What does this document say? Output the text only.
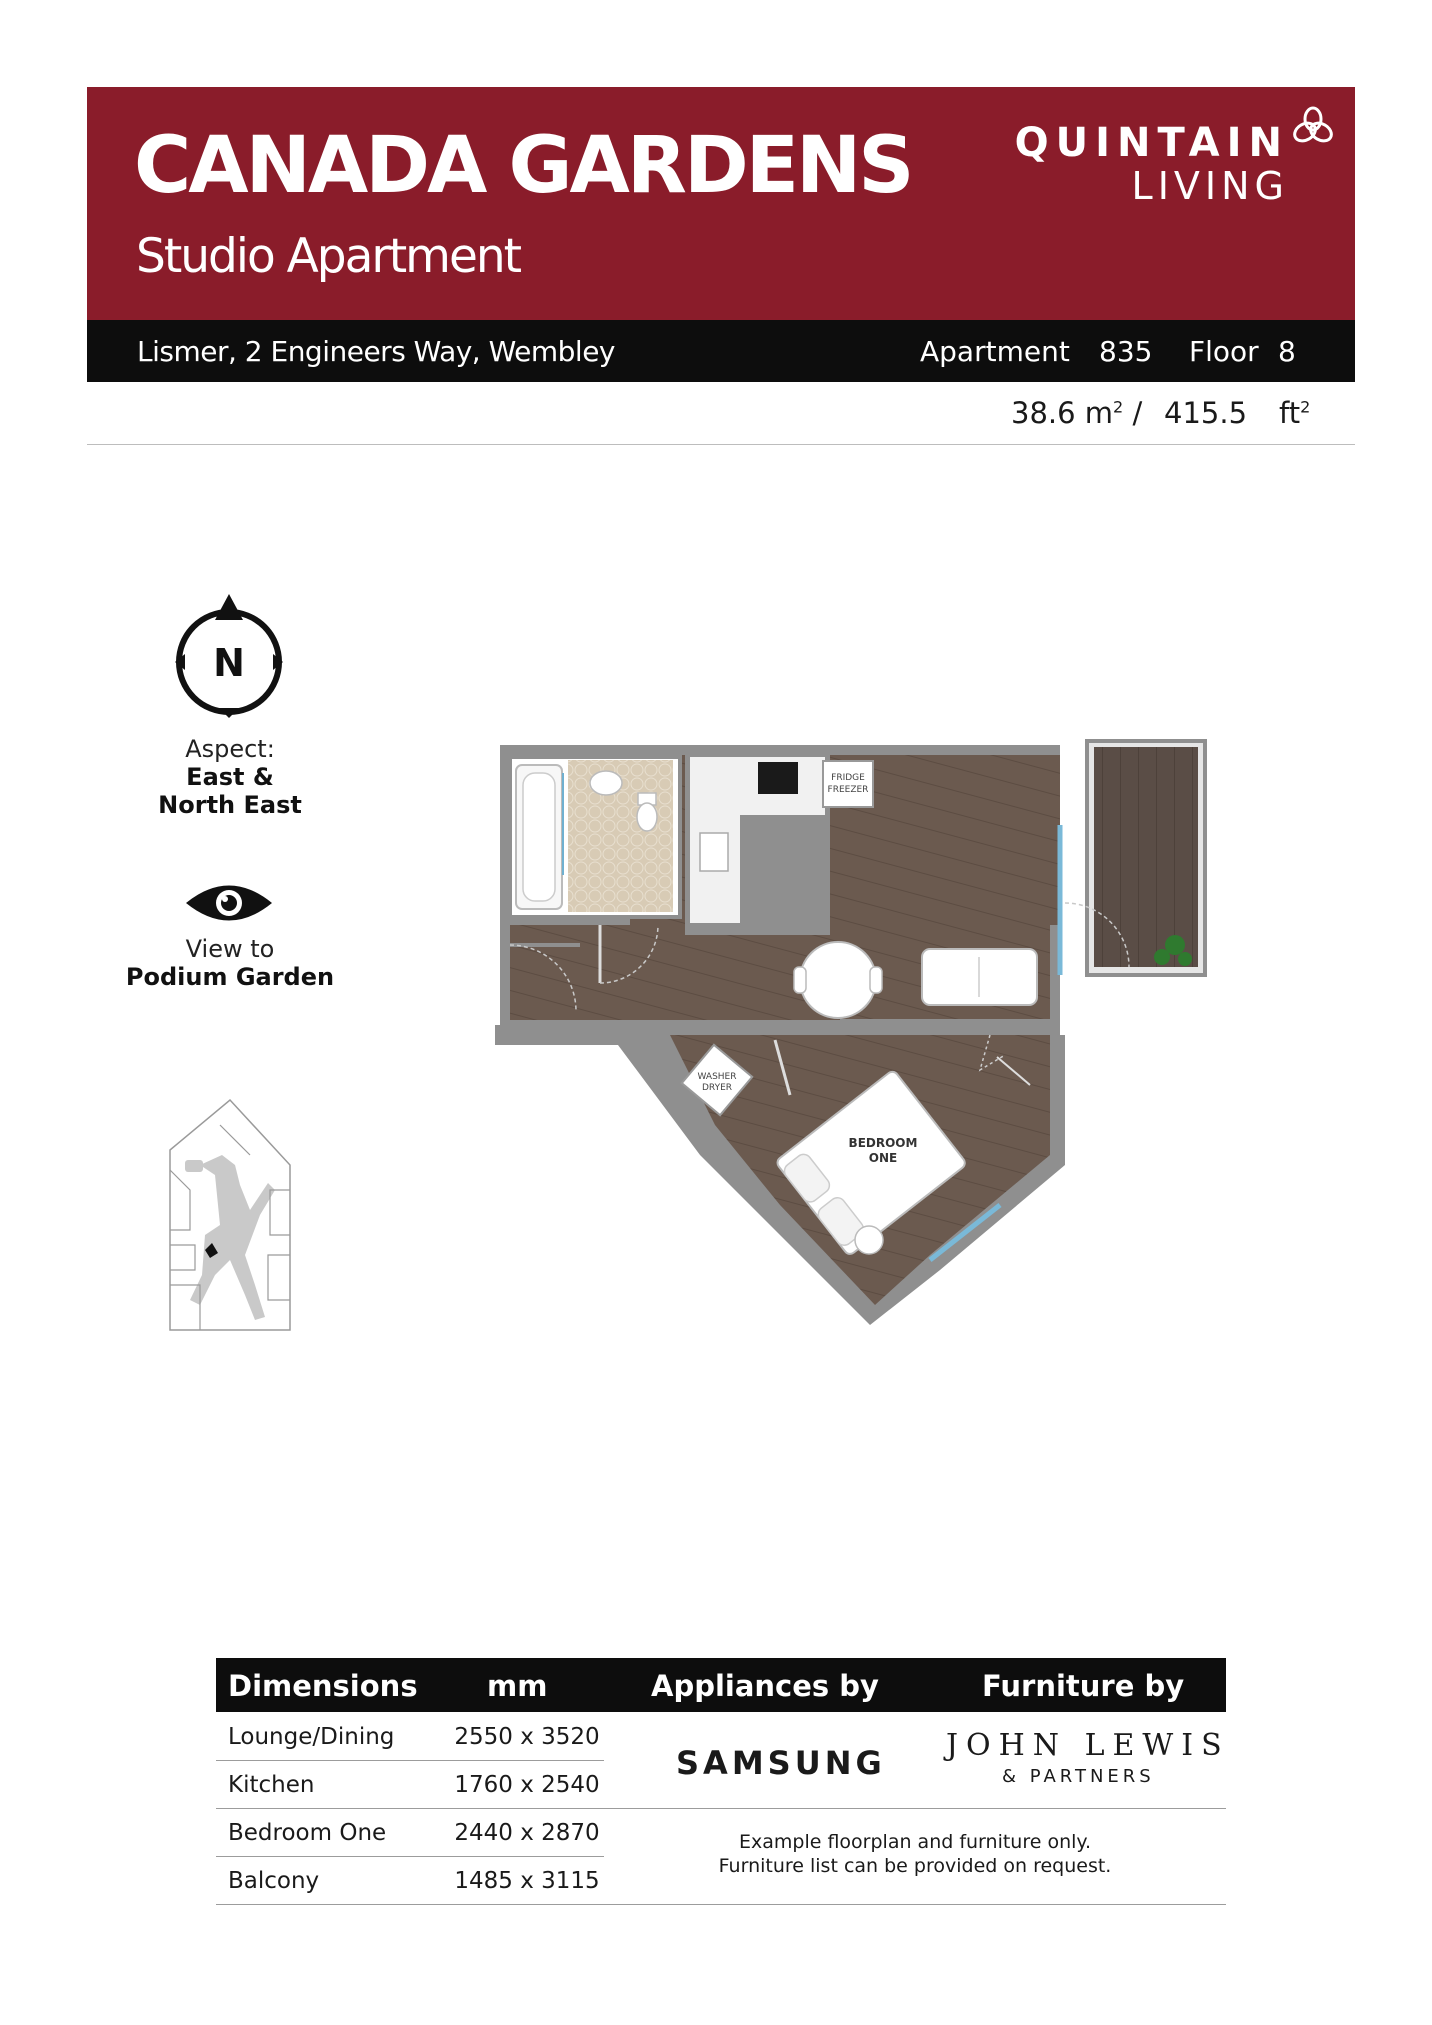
CANADA GARDENS
Studio Apartment
QUINTAIN
LIVING
Lismer, 2 Engineers Way, Wembley	Apartment 835 Floor 8
38.6 $m^2 / 415.5$ $ft^2$
N
Aspect:
East &
North East
View to
Podium Garden
FRIDGE
FREEZER
WASHER
DRYER
BEDROOM
ONE
Dimensions mm	Appliances by	Furniture by
Lounge/Dining	2550 x 3520
Kitchen	1760 x 2540
Bedroom One	2440 x 2870
Balcony	1485 x 3115
SAMSUNG JOHN LEWIS
& PARTNERS
Example floorplan and furniture only.
Furniture list can be provided on request.
